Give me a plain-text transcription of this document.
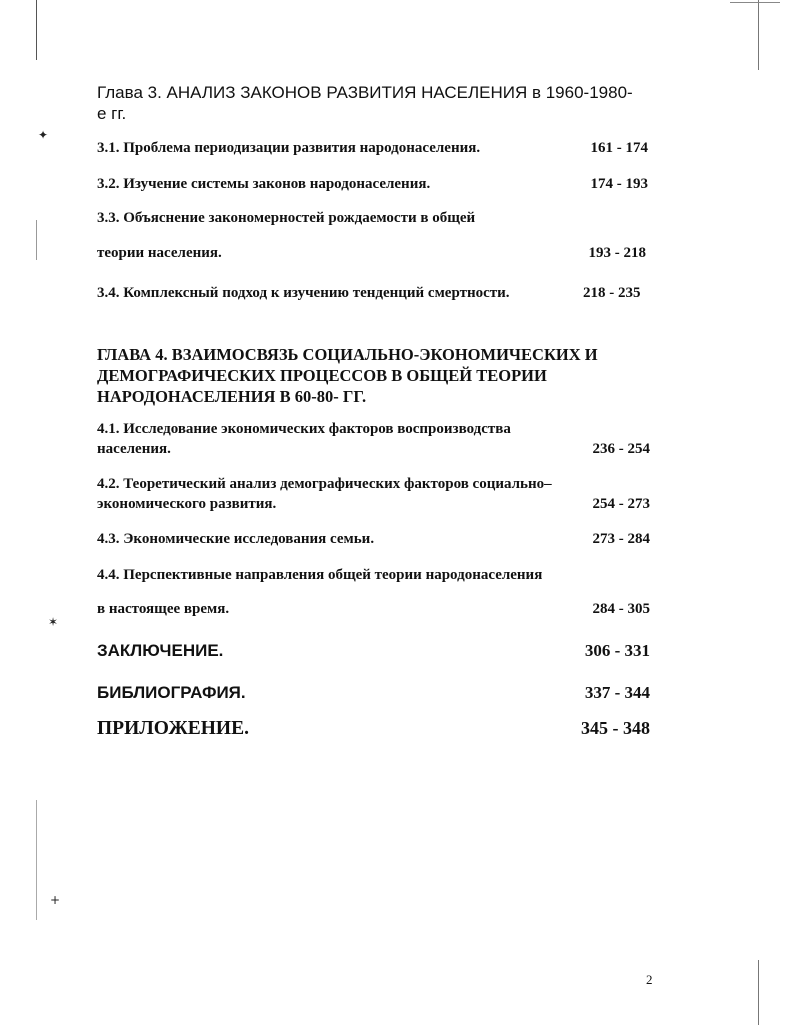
✦
✶
+
Глава 3. АНАЛИЗ ЗАКОНОВ РАЗВИТИЯ НАСЕЛЕНИЯ в 1960-1980-
е гг.
3.1. Проблема периодизации развития народонаселения.	161 - 174
3.2. Изучение системы законов народонаселения.	174 - 193
3.3. Объяснение закономерностей рождаемости в общей
теории населения.	193 - 218
3.4. Комплексный подход к изучению тенденций смертности.	218 - 235
ГЛАВА 4. ВЗАИМОСВЯЗЬ СОЦИАЛЬНО-ЭКОНОМИЧЕСКИХ И
ДЕМОГРАФИЧЕСКИХ ПРОЦЕССОВ В ОБЩЕЙ ТЕОРИИ
НАРОДОНАСЕЛЕНИЯ В 60-80- ГГ.
4.1. Исследование экономических факторов воспроизводства
населения.	236 - 254
4.2. Теоретический анализ демографических факторов социально–
экономического развития.	254 - 273
4.3. Экономические исследования семьи.	273 - 284
4.4. Перспективные направления общей теории народонаселения
в настоящее время.	284 - 305
ЗАКЛЮЧЕНИЕ.	306 - 331
БИБЛИОГРАФИЯ.	337 - 344
ПРИЛОЖЕНИЕ.	345 - 348
2
